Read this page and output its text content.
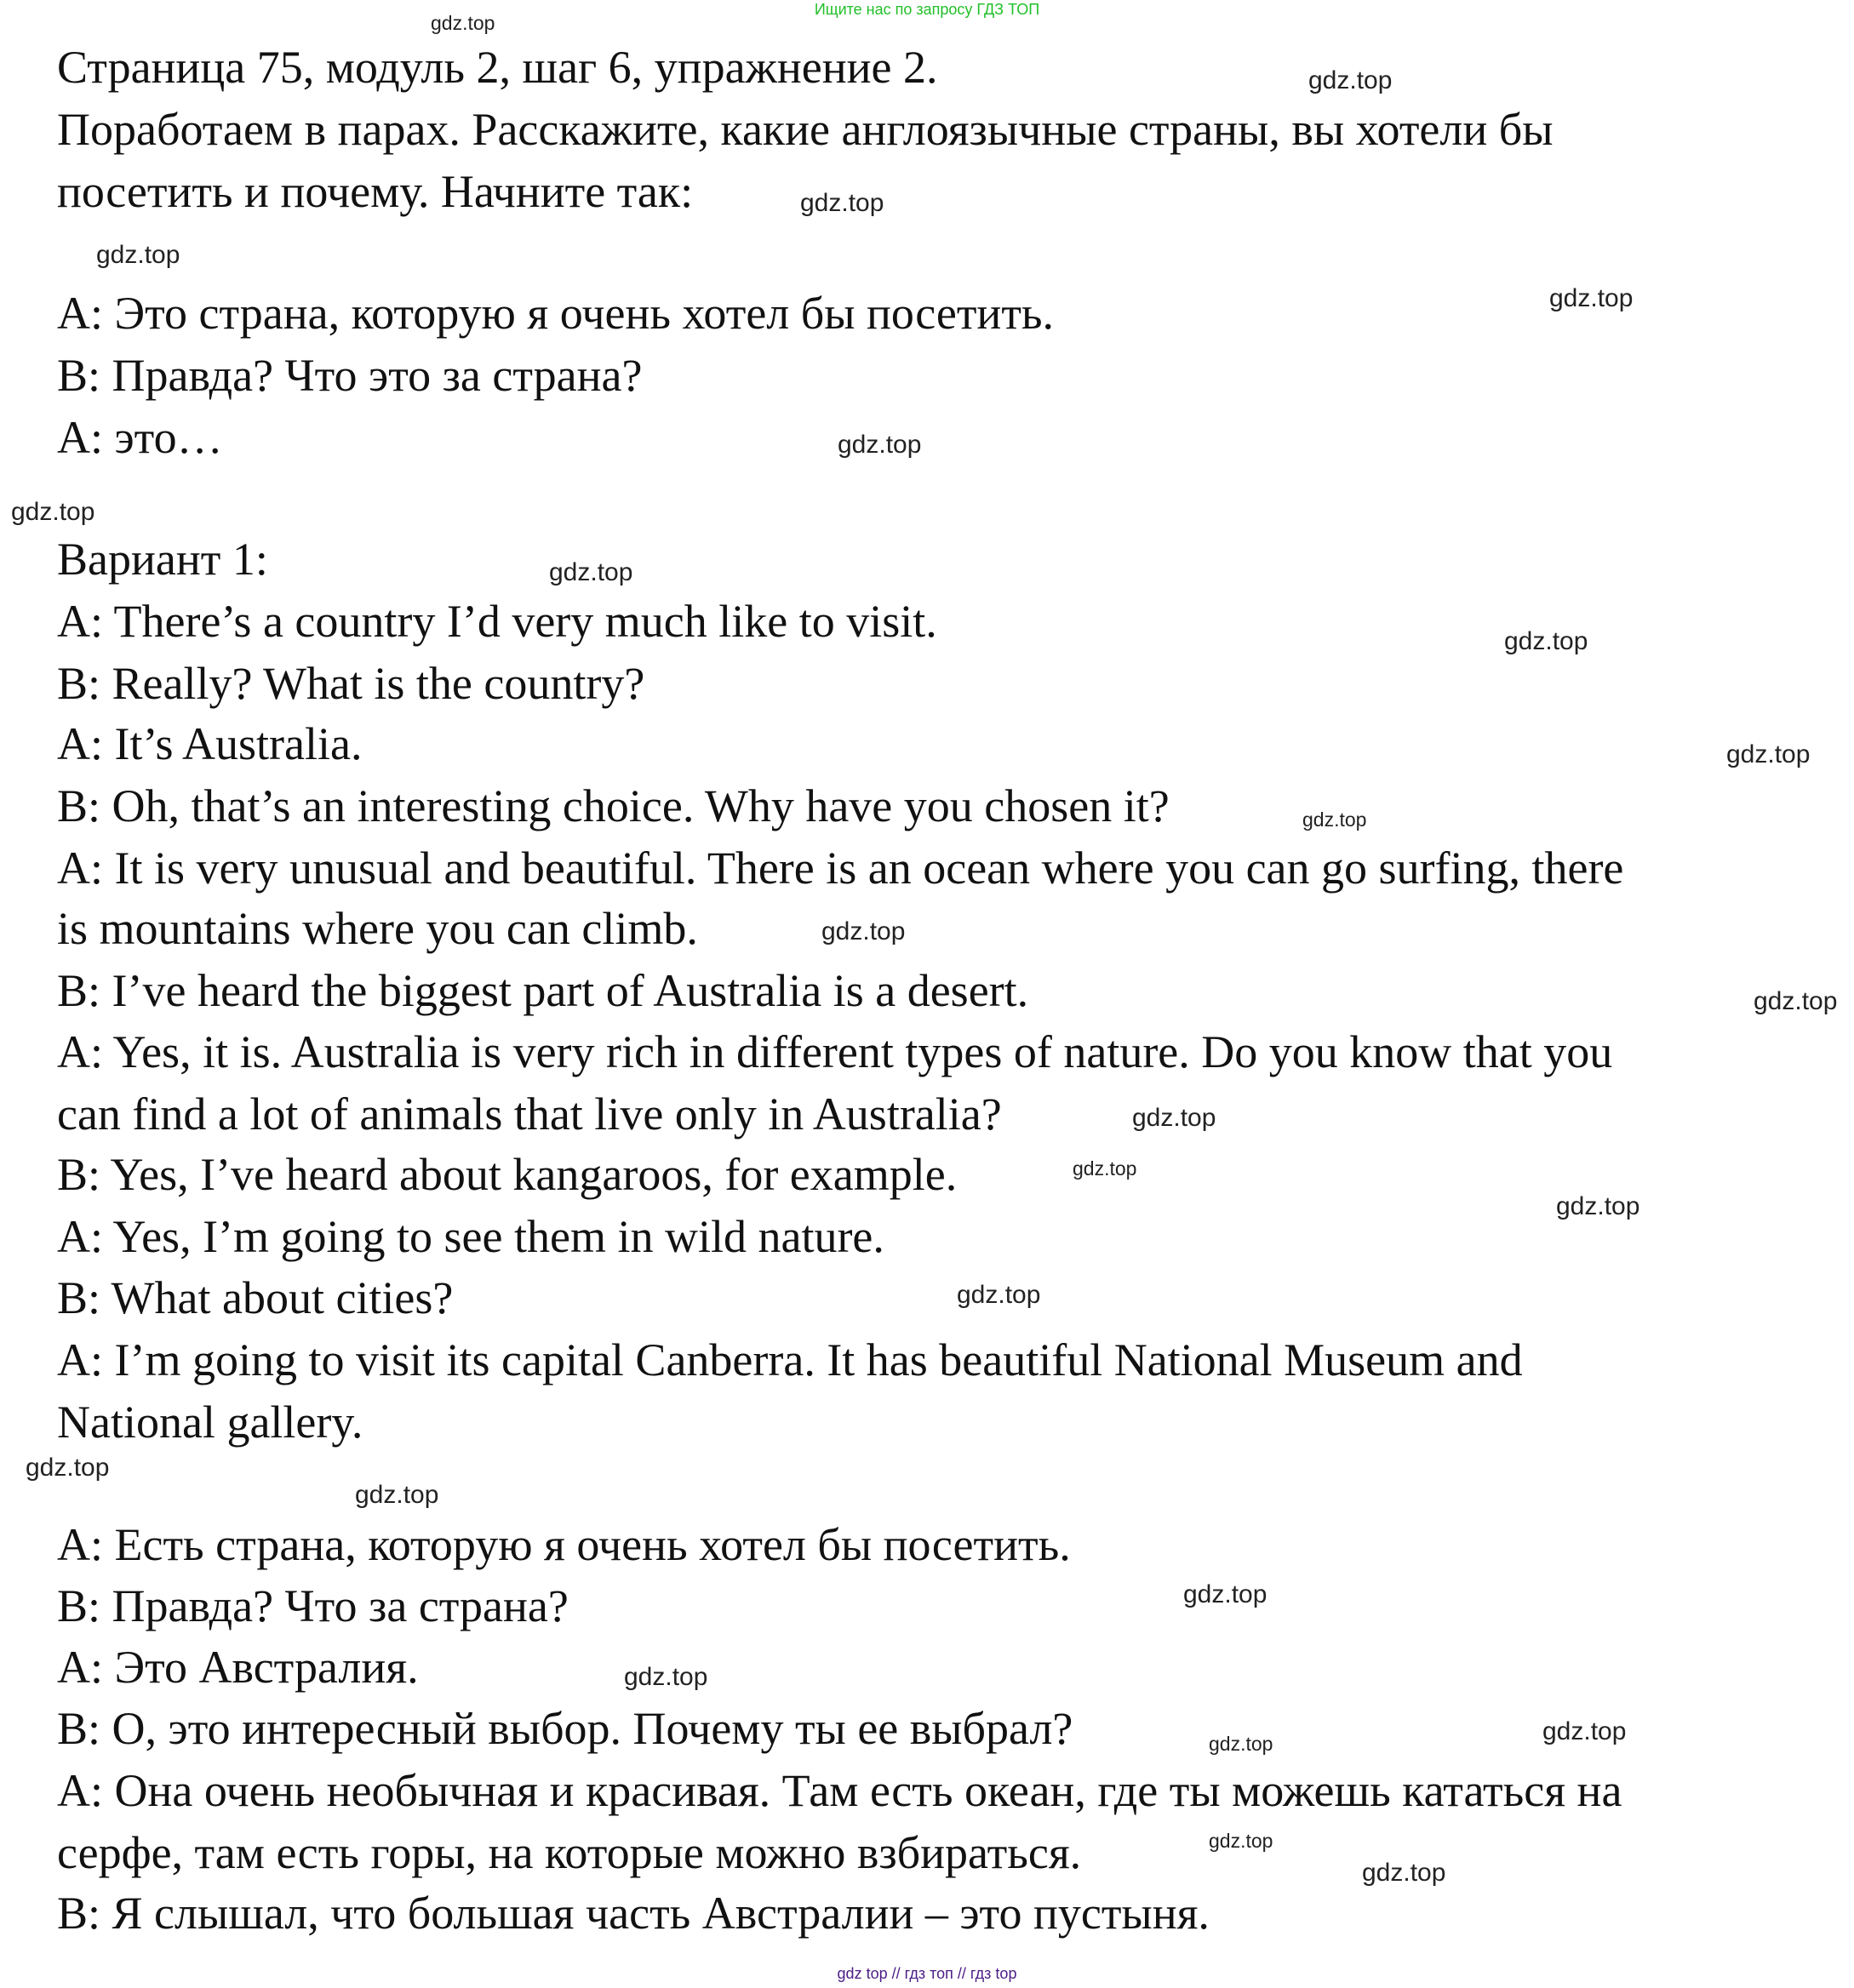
Ищите нас по запросу ГДЗ ТОП
Страница 75, модуль 2, шаг 6, упражнение 2.
Поработаем в парах. Расскажите, какие англоязычные страны, вы хотели бы
посетить и почему. Начните так:
А: Это страна, которую я очень хотел бы посетить.
В: Правда? Что это за страна?
А: это…
Вариант 1:
A: There’s a country I’d very much like to visit.
B: Really? What is the country?
A: It’s Australia.
B: Oh, that’s an interesting choice. Why have you chosen it?
A: It is very unusual and beautiful. There is an ocean where you can go surfing, there
is mountains where you can climb.
B: I’ve heard the biggest part of Australia is a desert.
A: Yes, it is. Australia is very rich in different types of nature. Do you know that you
can find a lot of animals that live only in Australia?
B: Yes, I’ve heard about kangaroos, for example.
A: Yes, I’m going to see them in wild nature.
B: What about cities?
A: I’m going to visit its capital Canberra. It has beautiful National Museum and
National gallery.
А: Есть страна, которую я очень хотел бы посетить.
В: Правда? Что за страна?
А: Это Австралия.
В: О, это интересный выбор. Почему ты ее выбрал?
А: Она очень необычная и красивая. Там есть океан, где ты можешь кататься на
серфе, там есть горы, на которые можно взбираться.
В: Я слышал, что большая часть Австралии – это пустыня.
gdz.top
gdz.top
gdz.top
gdz.top
gdz.top
gdz.top
gdz.top
gdz.top
gdz.top
gdz.top
gdz.top
gdz.top
gdz.top
gdz.top
gdz.top
gdz.top
gdz.top
gdz.top
gdz.top
gdz.top
gdz.top
gdz.top
gdz.top
gdz.top
gdz.top
gdz top // гдз топ // гдз top
